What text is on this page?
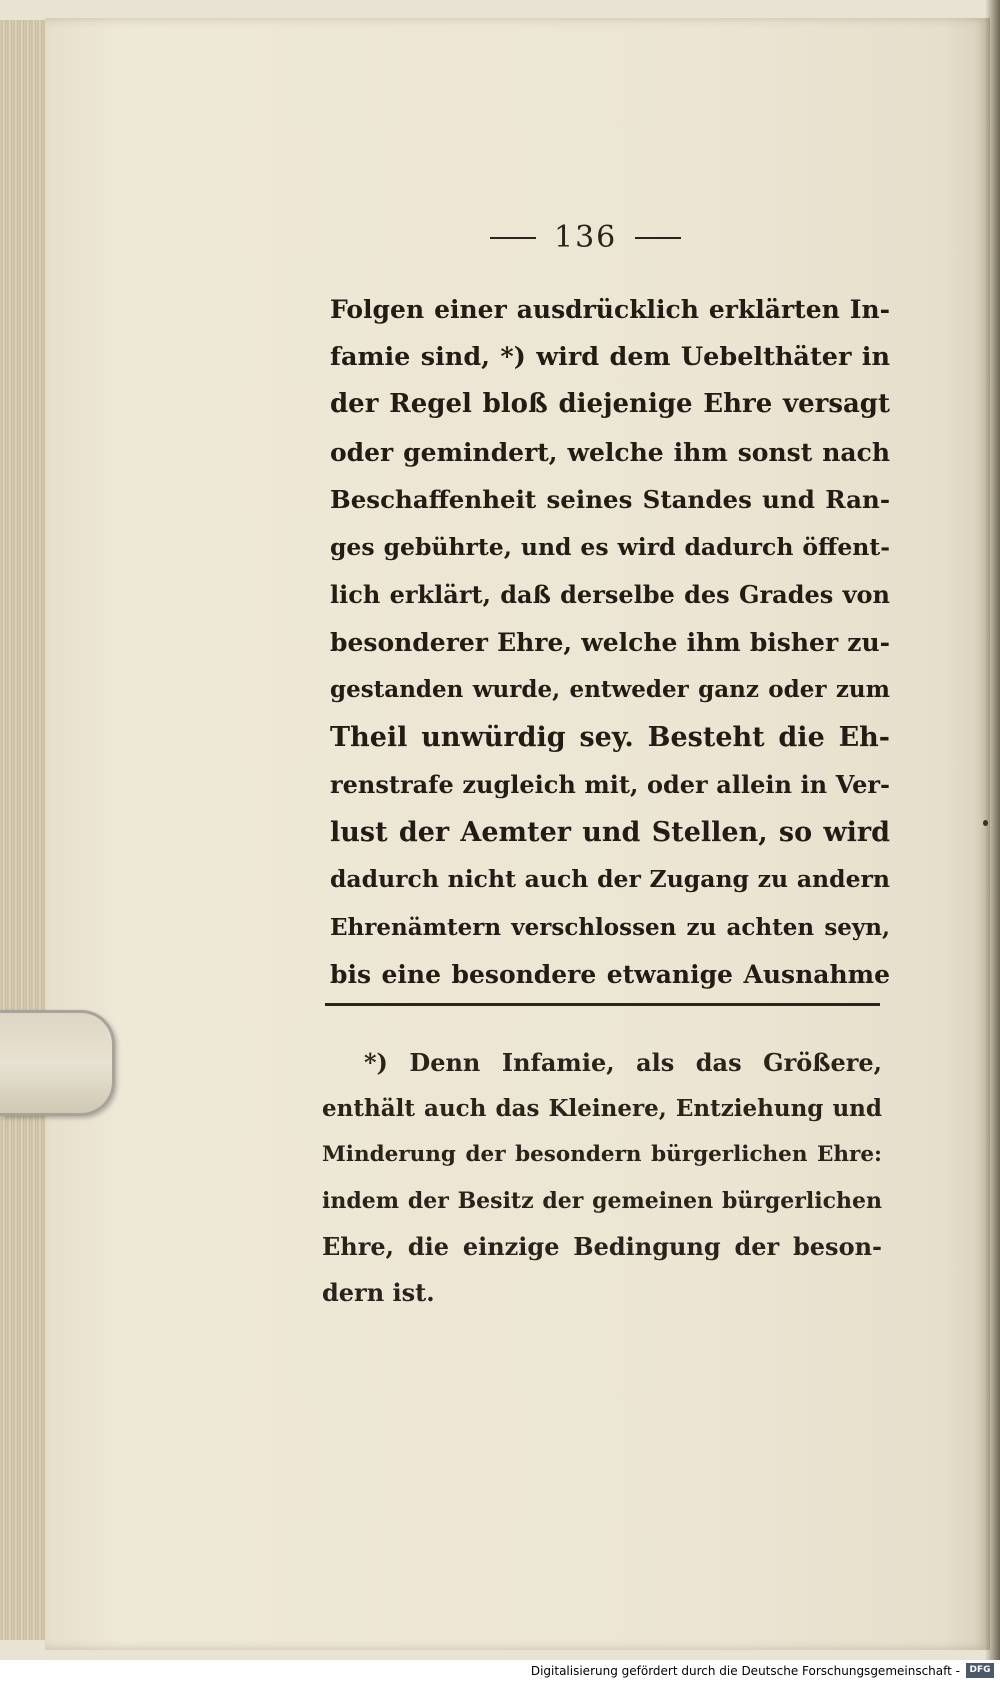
136
Folgen einer ausdrücklich erklärten In-
famie sind, *) wird dem Uebelthäter in
der Regel bloß diejenige Ehre versagt
oder gemindert, welche ihm sonst nach
Beschaffenheit seines Standes und Ran-
ges gebührte, und es wird dadurch öffent-
lich erklärt, daß derselbe des Grades von
besonderer Ehre, welche ihm bisher zu-
gestanden wurde, entweder ganz oder zum
Theil unwürdig sey. Besteht die Eh-
renstrafe zugleich mit, oder allein in Ver-
lust der Aemter und Stellen, so wird
dadurch nicht auch der Zugang zu andern
Ehrenämtern verschlossen zu achten seyn,
bis eine besondere etwanige Ausnahme
*) Denn Infamie, als das Größere,
enthält auch das Kleinere, Entziehung und
Minderung der besondern bürgerlichen Ehre:
indem der Besitz der gemeinen bürgerlichen
Ehre, die einzige Bedingung der beson-
dern ist.
Digitalisierung gefördert durch die Deutsche Forschungsgemeinschaft -	DFG
